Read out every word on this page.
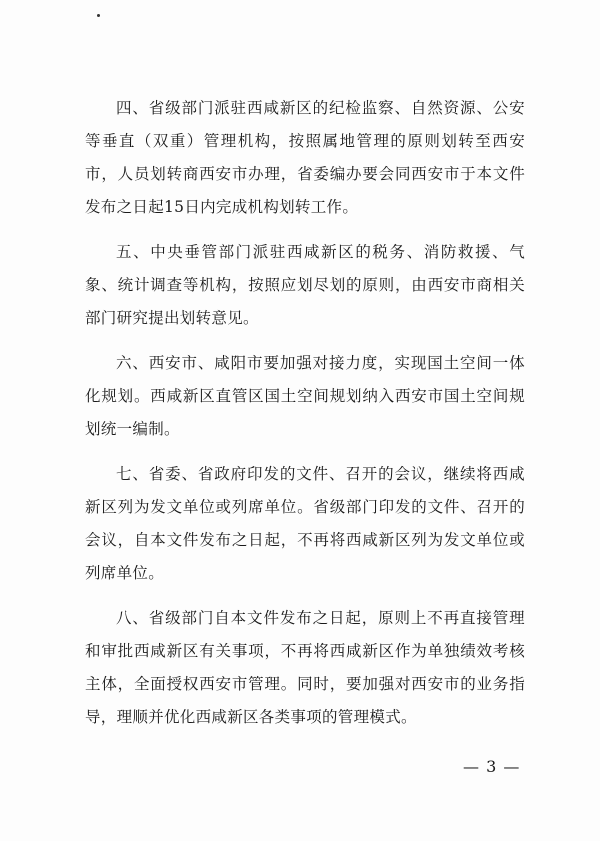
四、省级部门派驻西咸新区的纪检监察、自然资源、公安等垂直（双重）管理机构，按照属地管理的原则划转至西安市，人员划转商西安市办理，省委编办要会同西安市于本文件发布之日起15日内完成机构划转工作。

五、中央垂管部门派驻西咸新区的税务、消防救援、气象、统计调查等机构，按照应划尽划的原则，由西安市商相关部门研究提出划转意见。

六、西安市、咸阳市要加强对接力度，实现国土空间一体化规划。西咸新区直管区国土空间规划纳入西安市国土空间规划统一编制。

七、省委、省政府印发的文件、召开的会议，继续将西咸新区列为发文单位或列席单位。省级部门印发的文件、召开的会议，自本文件发布之日起，不再将西咸新区列为发文单位或列席单位。

八、省级部门自本文件发布之日起，原则上不再直接管理和审批西咸新区有关事项，不再将西咸新区作为单独绩效考核主体，全面授权西安市管理。同时，要加强对西安市的业务指导，理顺并优化西咸新区各类事项的管理模式。

— 3 —
